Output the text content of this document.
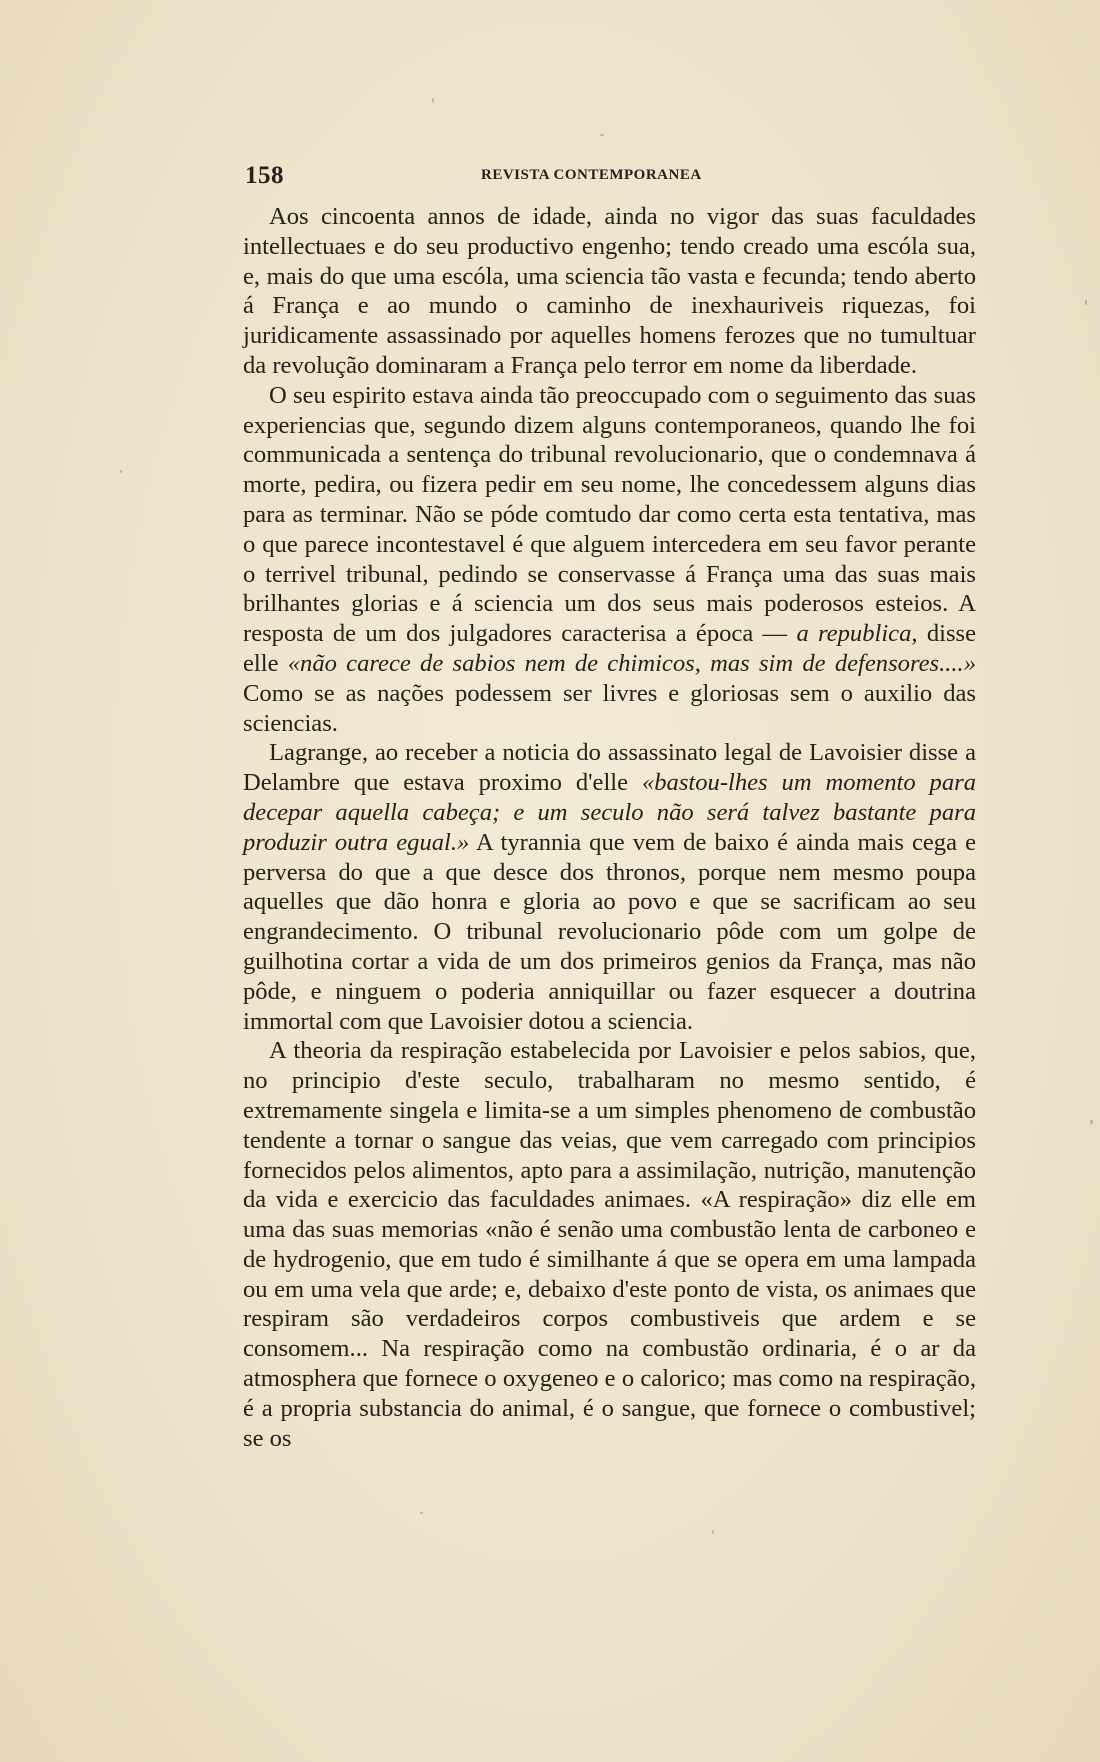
158	REVISTA CONTEMPORANEA

Aos cincoenta annos de idade, ainda no vigor das suas faculdades intellectuaes e do seu productivo engenho; tendo creado uma escóla sua, e, mais do que uma escóla, uma sciencia tão vasta e fecunda; tendo aberto á França e ao mundo o caminho de inexhauriveis riquezas, foi juridicamente assassinado por aquelles homens ferozes que no tumultuar da revolução dominaram a França pelo terror em nome da liberdade.

O seu espirito estava ainda tão preoccupado com o seguimento das suas experiencias que, segundo dizem alguns contemporaneos, quando lhe foi communicada a sentença do tribunal revolucionario, que o condemnava á morte, pedira, ou fizera pedir em seu nome, lhe concedessem alguns dias para as terminar. Não se póde comtudo dar como certa esta tentativa, mas o que parece incontestavel é que alguem intercedera em seu favor perante o terrivel tribunal, pedindo se conservasse á França uma das suas mais brilhantes glorias e á sciencia um dos seus mais poderosos esteios. A resposta de um dos julgadores caracterisa a época — a republica, disse elle «não carece de sabios nem de chimicos, mas sim de defensores....» Como se as nações podessem ser livres e gloriosas sem o auxilio das sciencias.

Lagrange, ao receber a noticia do assassinato legal de Lavoisier disse a Delambre que estava proximo d'elle «bastou-lhes um momento para decepar aquella cabeça; e um seculo não será talvez bastante para produzir outra egual.» A tyrannia que vem de baixo é ainda mais cega e perversa do que a que desce dos thronos, porque nem mesmo poupa aquelles que dão honra e gloria ao povo e que se sacrificam ao seu engrandecimento. O tribunal revolucionario pôde com um golpe de guilhotina cortar a vida de um dos primeiros genios da França, mas não pôde, e ninguem o poderia anniquillar ou fazer esquecer a doutrina immortal com que Lavoisier dotou a sciencia.

A theoria da respiração estabelecida por Lavoisier e pelos sabios, que, no principio d'este seculo, trabalharam no mesmo sentido, é extremamente singela e limita-se a um simples phenomeno de combustão tendente a tornar o sangue das veias, que vem carregado com principios fornecidos pelos alimentos, apto para a assimilação, nutrição, manutenção da vida e exercicio das faculdades animaes. «A respiração» diz elle em uma das suas memorias «não é senão uma combustão lenta de carboneo e de hydrogenio, que em tudo é similhante á que se opera em uma lampada ou em uma vela que arde; e, debaixo d'este ponto de vista, os animaes que respiram são verdadeiros corpos combustiveis que ardem e se consomem... Na respiração como na combustão ordinaria, é o ar da atmosphera que fornece o oxygeneo e o calorico; mas como na respiração, é a propria substancia do animal, é o sangue, que fornece o combustivel; se os
